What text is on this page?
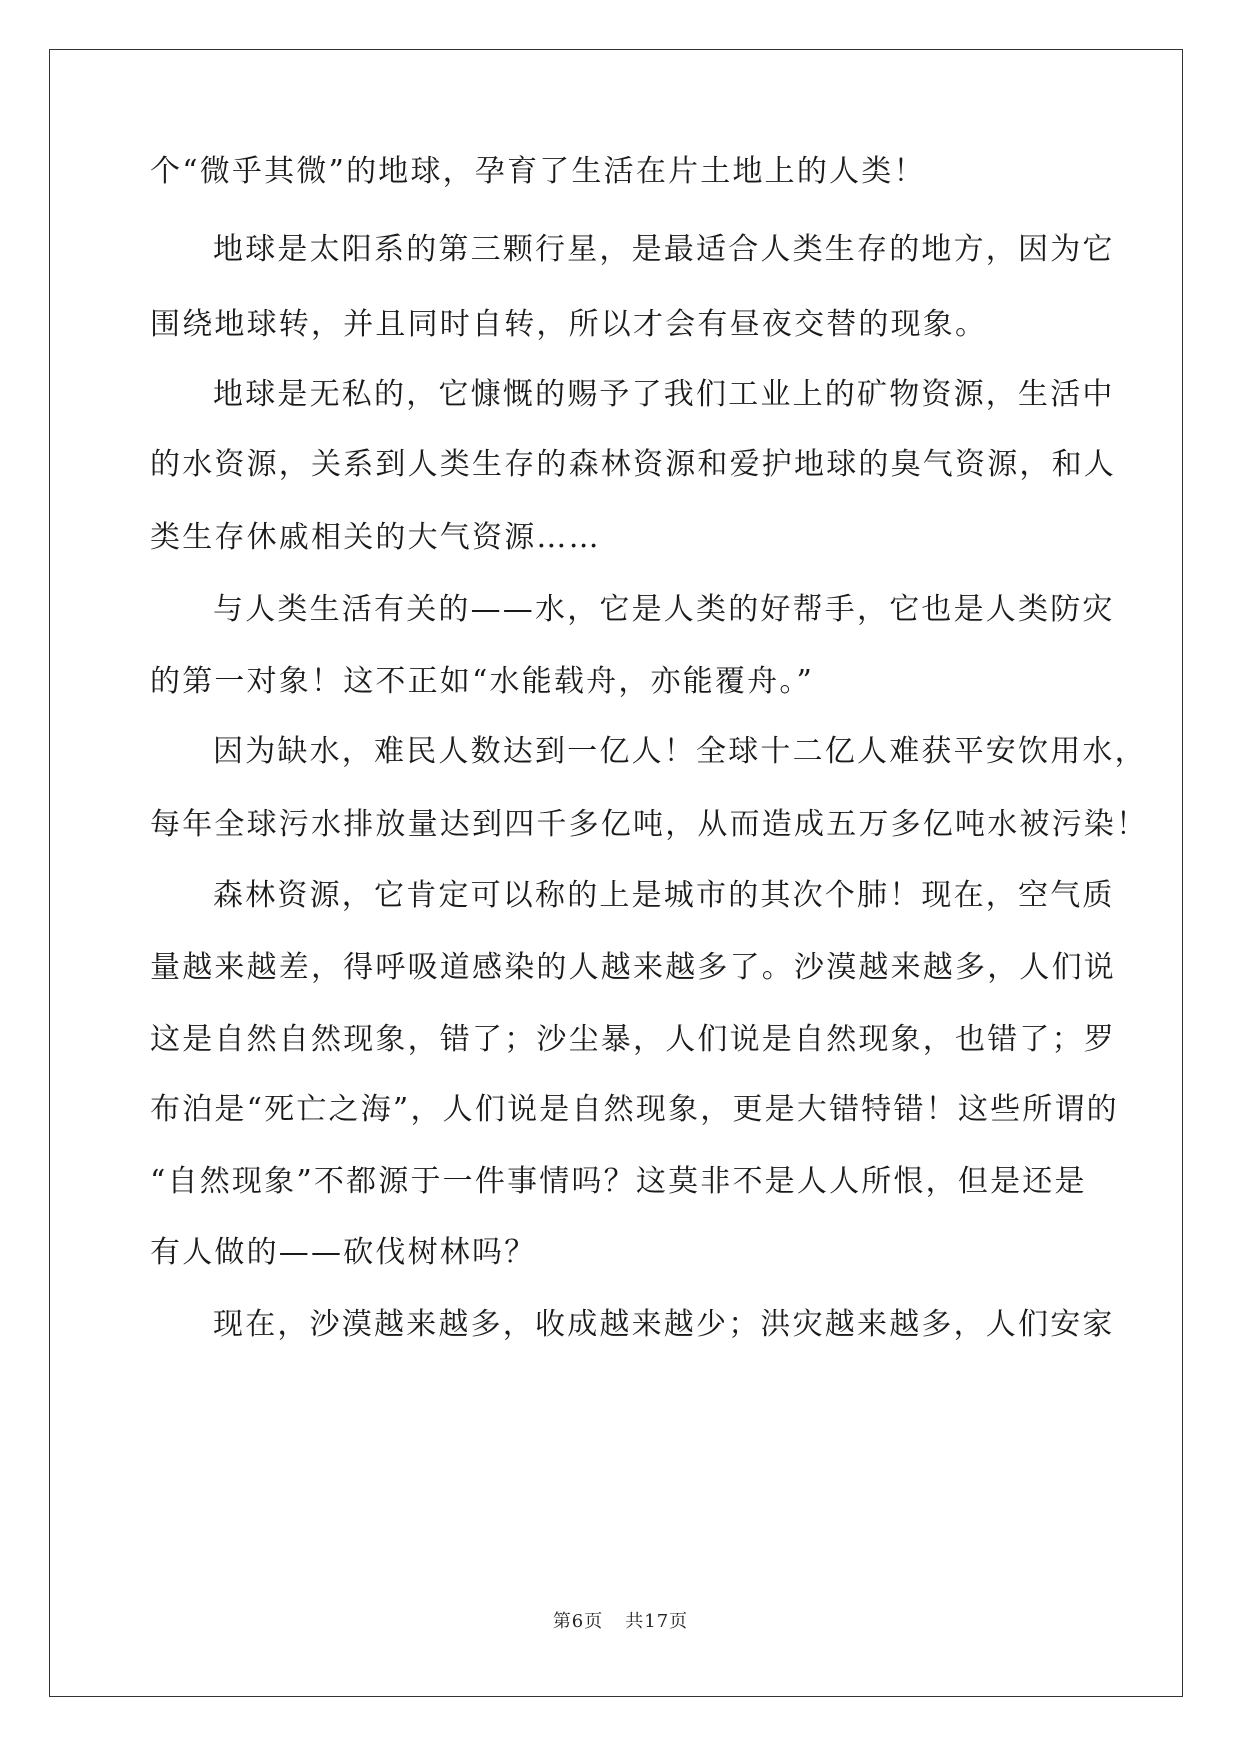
个“微乎其微”的地球，孕育了生活在片土地上的人类！
地球是太阳系的第三颗行星，是最适合人类生存的地方，因为它
围绕地球转，并且同时自转，所以才会有昼夜交替的现象。
地球是无私的，它慷慨的赐予了我们工业上的矿物资源，生活中
的水资源，关系到人类生存的森林资源和爱护地球的臭气资源，和人
类生存休戚相关的大气资源……
与人类生活有关的——水，它是人类的好帮手，它也是人类防灾
的第一对象！这不正如“水能载舟，亦能覆舟。”
因为缺水，难民人数达到一亿人！全球十二亿人难获平安饮用水，
每年全球污水排放量达到四千多亿吨，从而造成五万多亿吨水被污染！
森林资源，它肯定可以称的上是城市的其次个肺！现在，空气质
量越来越差，得呼吸道感染的人越来越多了。沙漠越来越多，人们说
这是自然自然现象，错了；沙尘暴，人们说是自然现象，也错了；罗
布泊是“死亡之海”，人们说是自然现象，更是大错特错！这些所谓的
“自然现象”不都源于一件事情吗？这莫非不是人人所恨，但是还是
有人做的——砍伐树林吗？
现在，沙漠越来越多，收成越来越少；洪灾越来越多，人们安家
第6页 共17页
